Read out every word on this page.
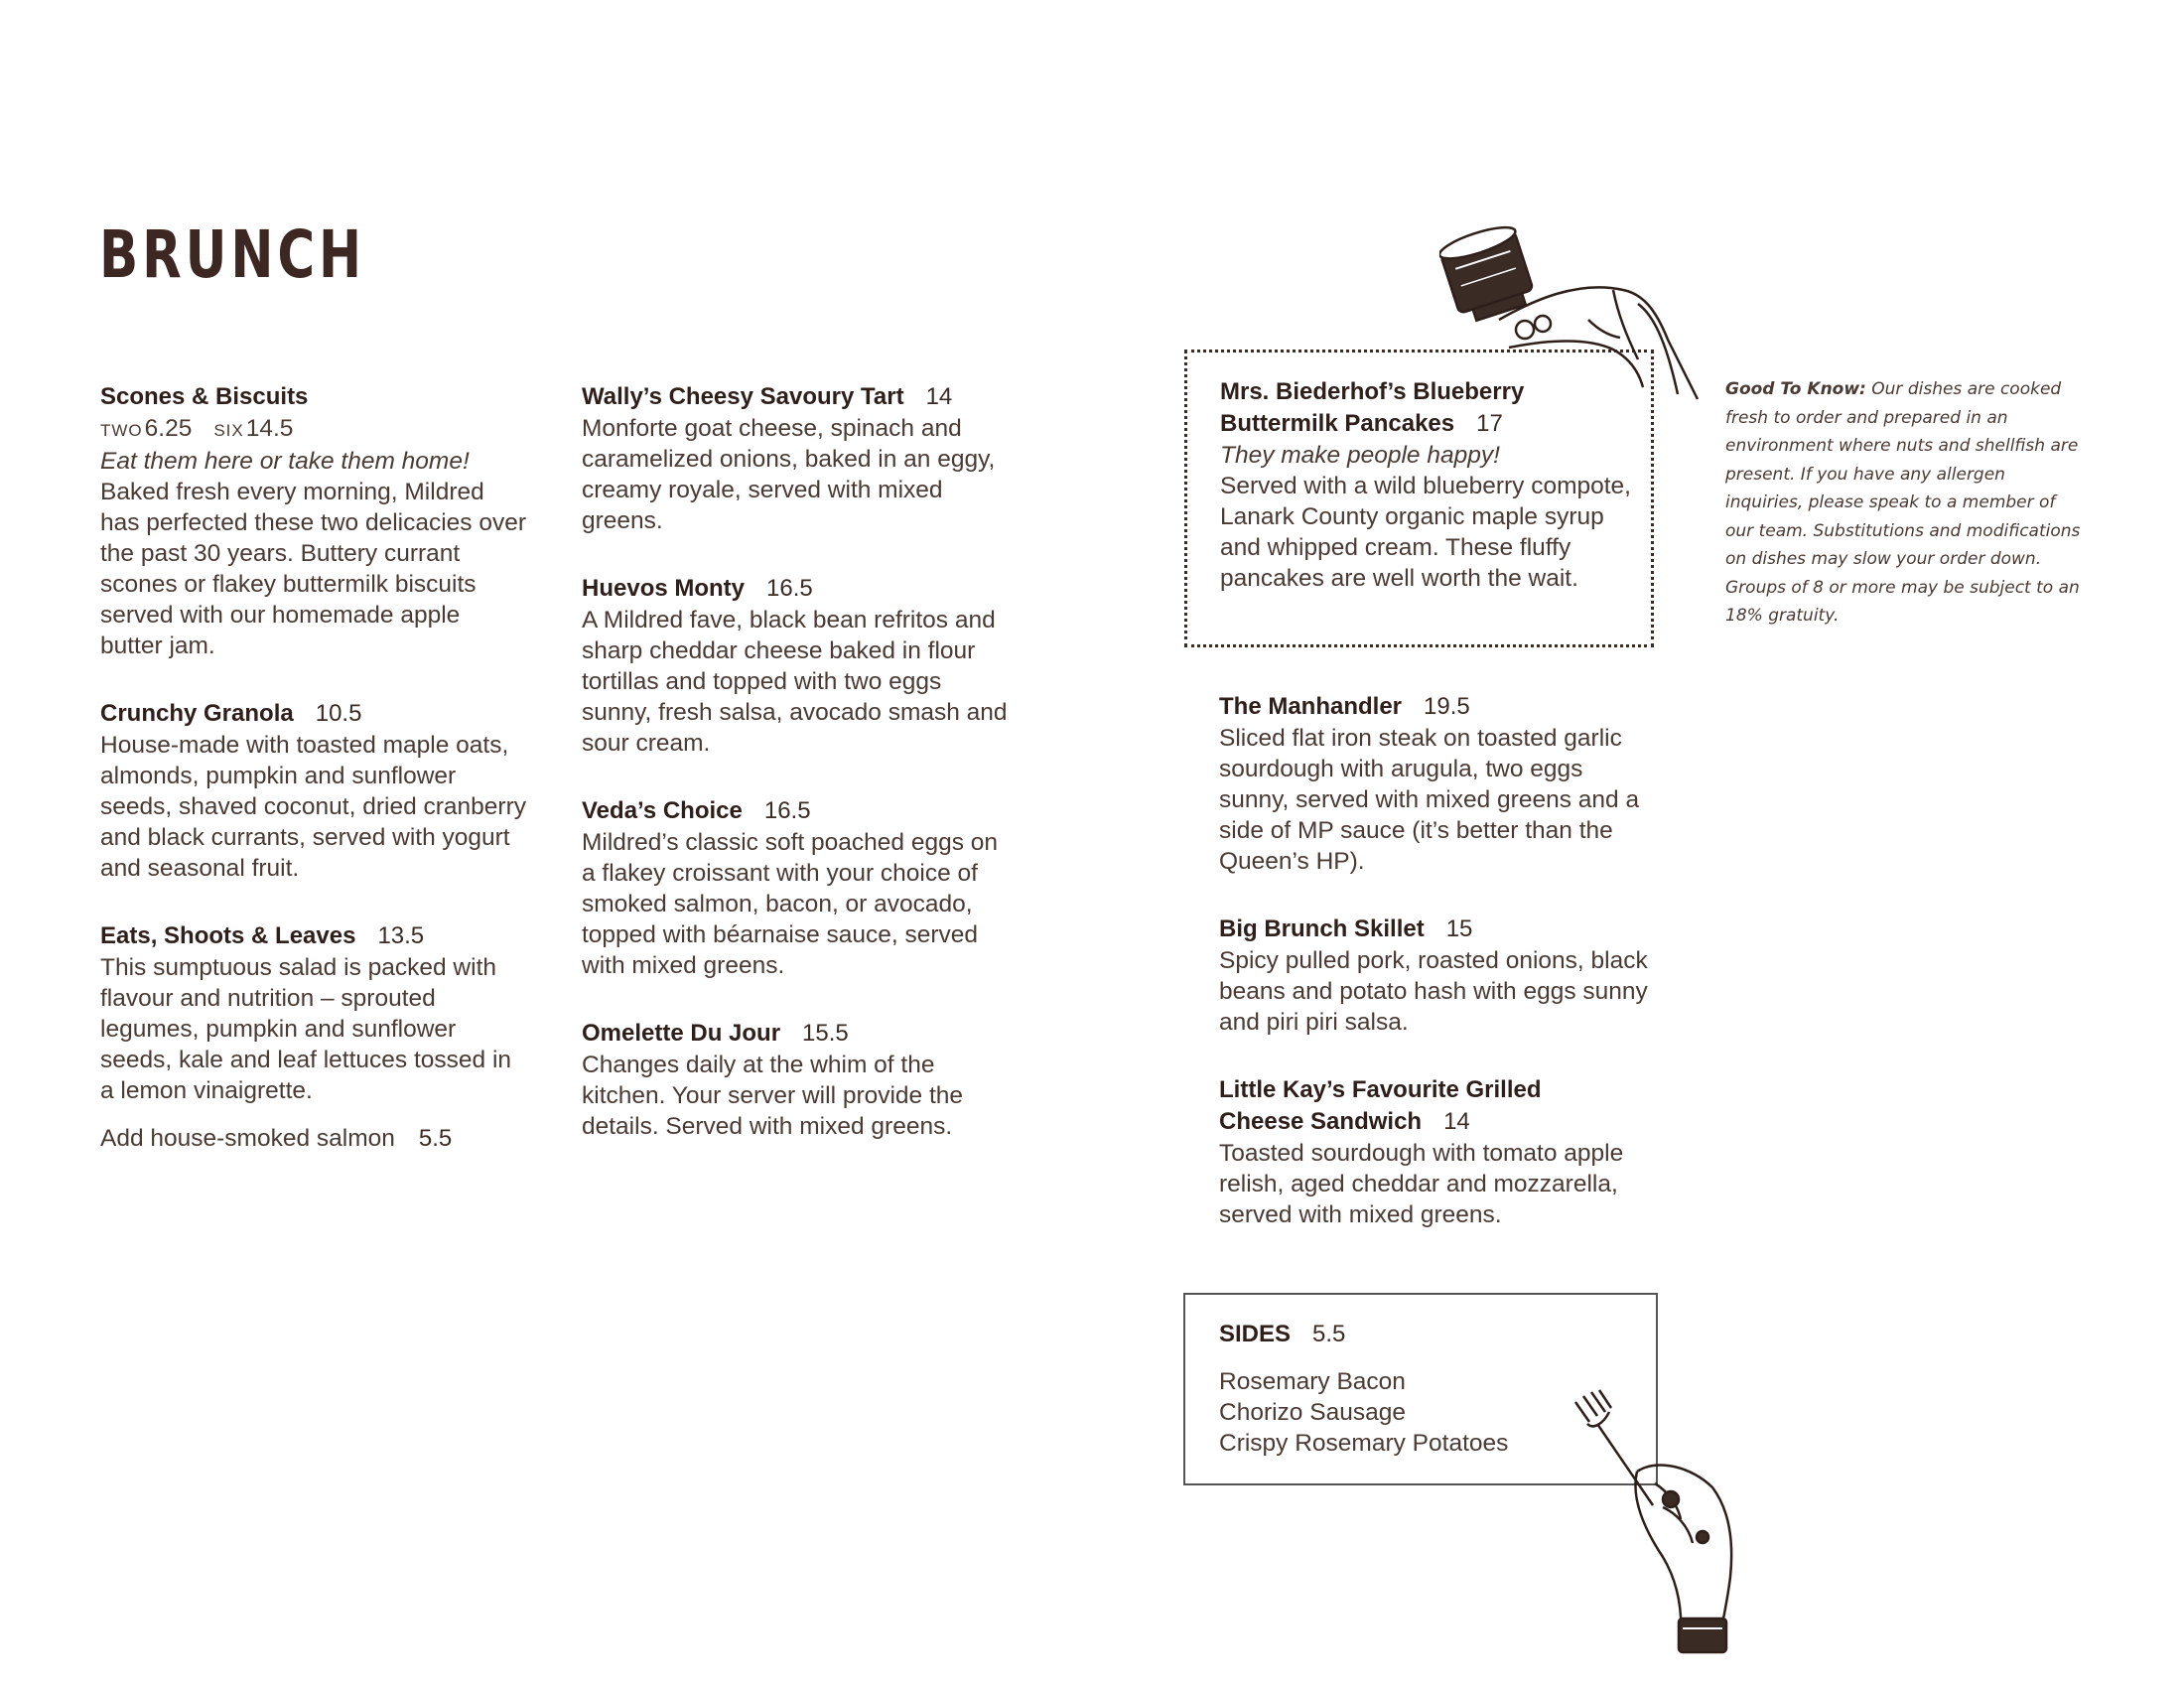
BRUNCH
Scones & Biscuits
TWO6.25 SIX14.5
Eat them here or take them home!
Baked fresh every morning, Mildred has perfected these two delicacies over the past 30 years. Buttery currant scones or flakey buttermilk biscuits served with our homemade apple butter jam.
Crunchy Granola 10.5
House-made with toasted maple oats, almonds, pumpkin and sunflower seeds, shaved coconut, dried cranberry and black currants, served with yogurt and seasonal fruit.
Eats, Shoots & Leaves 13.5
This sumptuous salad is packed with flavour and nutrition – sprouted legumes, pumpkin and sunflower seeds, kale and leaf lettuces tossed in a lemon vinaigrette.
Add house-smoked salmon 5.5
Wally’s Cheesy Savoury Tart 14
Monforte goat cheese, spinach and caramelized onions, baked in an eggy, creamy royale, served with mixed greens.
Huevos Monty 16.5
A Mildred fave, black bean refritos and sharp cheddar cheese baked in flour tortillas and topped with two eggs sunny, fresh salsa, avocado smash and sour cream.
Veda’s Choice 16.5
Mildred’s classic soft poached eggs on a flakey croissant with your choice of smoked salmon, bacon, or avocado, topped with béarnaise sauce, served with mixed greens.
Omelette Du Jour 15.5
Changes daily at the whim of the kitchen. Your server will provide the details. Served with mixed greens.
Mrs. Biederhof’s Blueberry
Buttermilk Pancakes 17
They make people happy!
Served with a wild blueberry compote, Lanark County organic maple syrup and whipped cream. These fluffy pancakes are well worth the wait.
Good To Know: Our dishes are cooked fresh to order and prepared in an environment where nuts and shellfish are present. If you have any allergen inquiries, please speak to a member of our team. Substitutions and modifications on dishes may slow your order down. Groups of 8 or more may be subject to an 18% gratuity.
The Manhandler 19.5
Sliced flat iron steak on toasted garlic sourdough with arugula, two eggs sunny, served with mixed greens and a side of MP sauce (it’s better than the Queen’s HP).
Big Brunch Skillet 15
Spicy pulled pork, roasted onions, black beans and potato hash with eggs sunny and piri piri salsa.
Little Kay’s Favourite Grilled
Cheese Sandwich 14
Toasted sourdough with tomato apple relish, aged cheddar and mozzarella, served with mixed greens.
SIDES 5.5
Rosemary Bacon
Chorizo Sausage
Crispy Rosemary Potatoes
